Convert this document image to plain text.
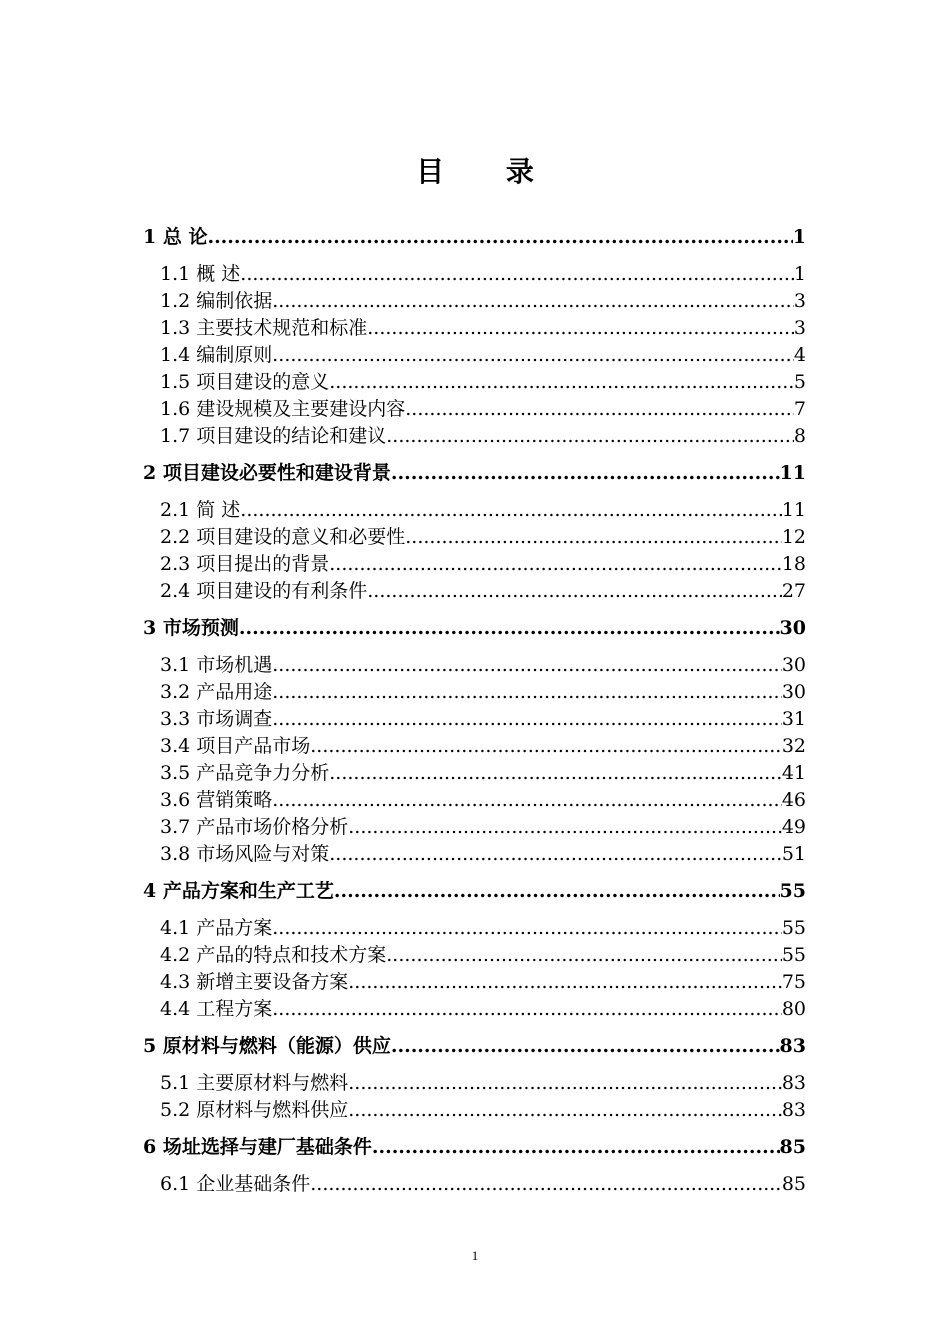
目 录
1 总 论 .....	1
1.1 概 述 .....	1
1.2 编制依据 .....	3
1.3 主要技术规范和标准 .....	3
1.4 编制原则 .....	4
1.5 项目建设的意义 .....	5
1.6 建设规模及主要建设内容 .....	7
1.7 项目建设的结论和建议 .....	8
2 项目建设必要性和建设背景 .....	11
2.1 简 述 .....	11
2.2 项目建设的意义和必要性 .....	12
2.3 项目提出的背景 .....	18
2.4 项目建设的有利条件 .....	27
3 市场预测 .....	30
3.1 市场机遇 .....	30
3.2 产品用途 .....	30
3.3 市场调查 .....	31
3.4 项目产品市场 .....	32
3.5 产品竞争力分析 .....	41
3.6 营销策略 .....	46
3.7 产品市场价格分析 .....	49
3.8 市场风险与对策 .....	51
4 产品方案和生产工艺 .....	55
4.1 产品方案 .....	55
4.2 产品的特点和技术方案 .....	55
4.3 新增主要设备方案 .....	75
4.4 工程方案 .....	80
5 原材料与燃料（能源）供应 .....	83
5.1 主要原材料与燃料 .....	83
5.2 原材料与燃料供应 .....	83
6 场址选择与建厂基础条件 .....	85
6.1 企业基础条件 .....	85
1
